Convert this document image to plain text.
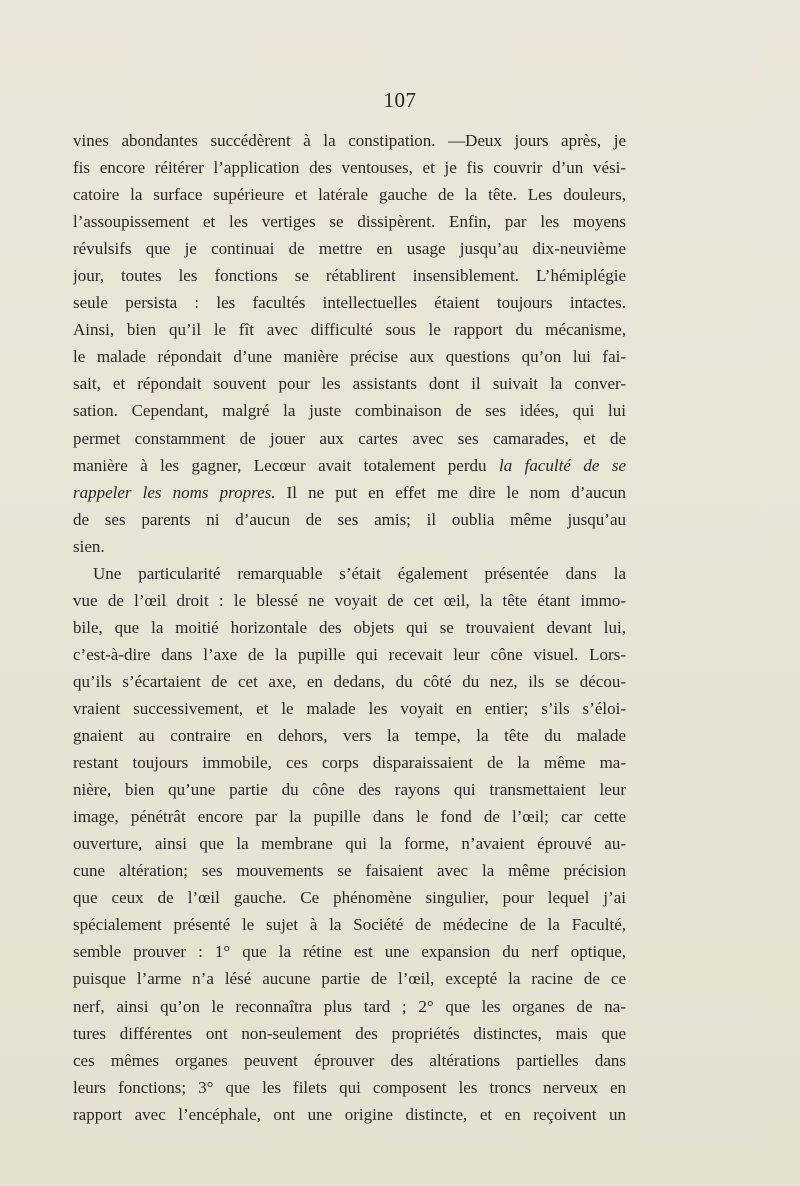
107
vines abondantes succédèrent à la constipation. —Deux jours après, je
fis encore réitérer l’application des ventouses, et je fis couvrir d’un vési-
catoire la surface supérieure et latérale gauche de la tête. Les douleurs,
l’assoupissement et les vertiges se dissipèrent. Enfin, par les moyens
révulsifs que je continuai de mettre en usage jusqu’au dix-neuvième
jour, toutes les fonctions se rétablirent insensiblement. L’hémiplégie
seule persista : les facultés intellectuelles étaient toujours intactes.
Ainsi, bien qu’il le fît avec difficulté sous le rapport du mécanisme,
le malade répondait d’une manière précise aux questions qu’on lui fai-
sait, et répondait souvent pour les assistants dont il suivait la conver-
sation. Cependant, malgré la juste combinaison de ses idées, qui lui
permet constamment de jouer aux cartes avec ses camarades, et de
manière à les gagner, Lecœur avait totalement perdu la faculté de se
rappeler les noms propres. Il ne put en effet me dire le nom d’aucun
de ses parents ni d’aucun de ses amis; il oublia même jusqu’au
sien.
Une particularité remarquable s’était également présentée dans la
vue de l’œil droit : le blessé ne voyait de cet œil, la tête étant immo-
bile, que la moitié horizontale des objets qui se trouvaient devant lui,
c’est-à-dire dans l’axe de la pupille qui recevait leur cône visuel. Lors-
qu’ils s’écartaient de cet axe, en dedans, du côté du nez, ils se décou-
vraient successivement, et le malade les voyait en entier; s’ils s’éloi-
gnaient au contraire en dehors, vers la tempe, la tête du malade
restant toujours immobile, ces corps disparaissaient de la même ma-
nière, bien qu’une partie du cône des rayons qui transmettaient leur
image, pénétrât encore par la pupille dans le fond de l’œil; car cette
ouverture, ainsi que la membrane qui la forme, n’avaient éprouvé au-
cune altération; ses mouvements se faisaient avec la même précision
que ceux de l’œil gauche. Ce phénomène singulier, pour lequel j’ai
spécialement présenté le sujet à la Société de médecine de la Faculté,
semble prouver : 1° que la rétine est une expansion du nerf optique,
puisque l’arme n’a lésé aucune partie de l’œil, excepté la racine de ce
nerf, ainsi qu’on le reconnaîtra plus tard ; 2° que les organes de na-
tures différentes ont non-seulement des propriétés distinctes, mais que
ces mêmes organes peuvent éprouver des altérations partielles dans
leurs fonctions; 3° que les filets qui composent les troncs nerveux en
rapport avec l’encéphale, ont une origine distincte, et en reçoivent un
